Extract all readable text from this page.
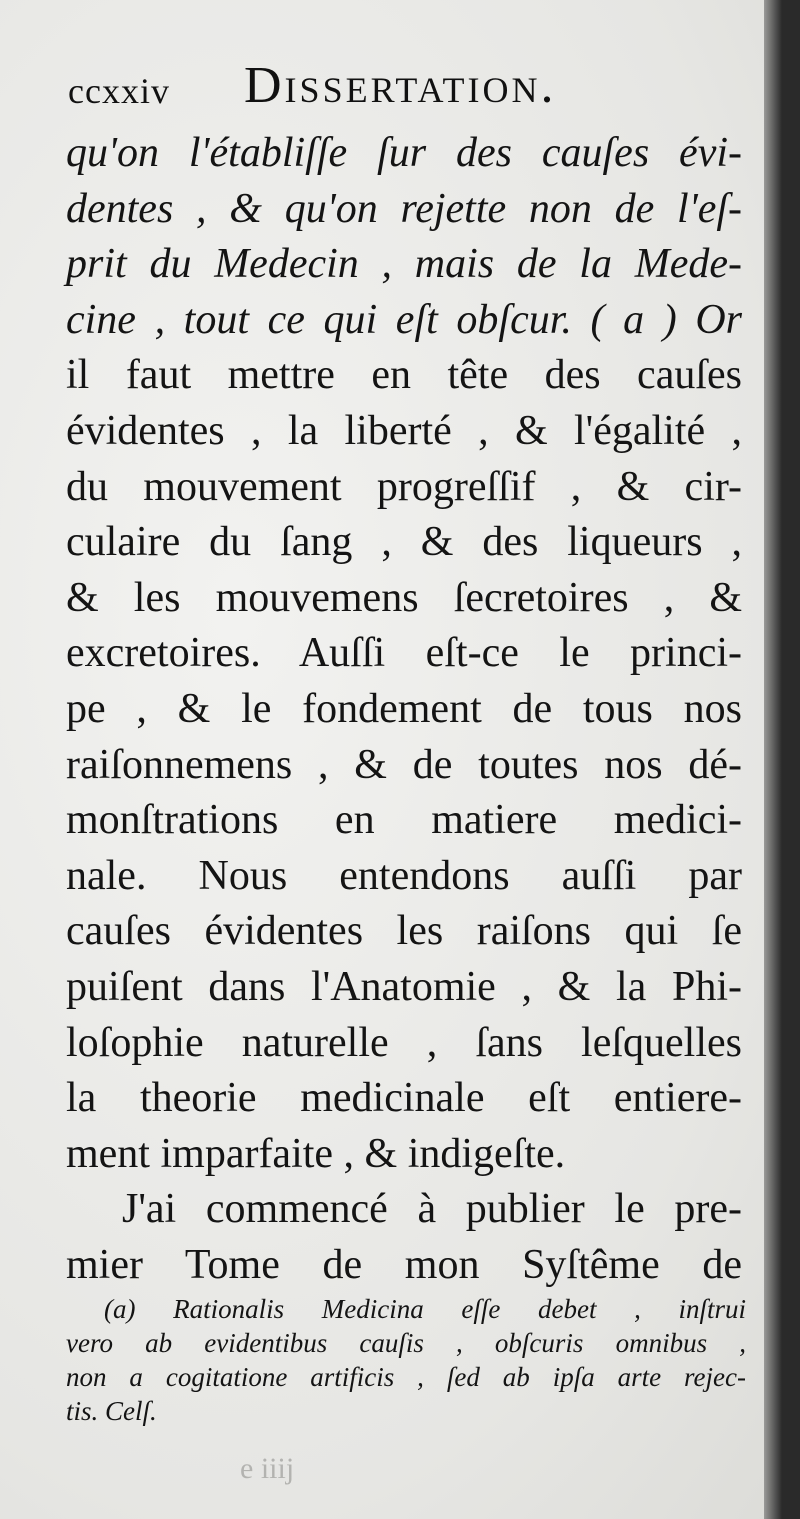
ccxxiv Dissertation.
qu'on l'établiſſe ſur des cauſes évi-
dentes , & qu'on rejette non de l'eſ-
prit du Medecin , mais de la Mede-
cine , tout ce qui eſt obſcur. ( a ) Or
il faut mettre en tête des cauſes
évidentes , la liberté , & l'égalité ,
du mouvement progreſſif , & cir-
culaire du ſang , & des liqueurs ,
& les mouvemens ſecretoires , &
excretoires. Auſſi eſt-ce le princi-
pe , & le fondement de tous nos
raiſonnemens , & de toutes nos dé-
monſtrations en matiere medici-
nale. Nous entendons auſſi par
cauſes évidentes les raiſons qui ſe
puiſent dans l'Anatomie , & la Phi-
loſophie naturelle , ſans leſquelles
la theorie medicinale eſt entiere-
ment imparfaite , & indigeſte.
J'ai commencé à publier le pre-
mier Tome de mon Syſtême de
(a) Rationalis Medicina eſſe debet , inſtrui
vero ab evidentibus cauſis , obſcuris omnibus ,
non a cogitatione artificis , ſed ab ipſa arte rejec-
tis. Celſ.
e iiij
